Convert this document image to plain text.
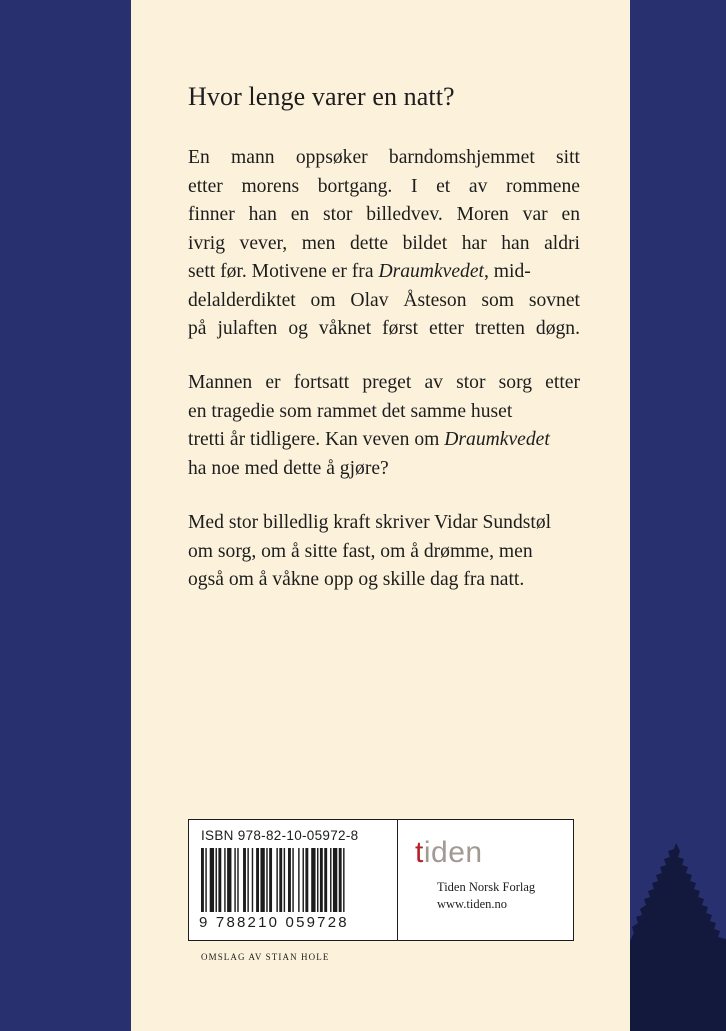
Hvor lenge varer en natt?
En mann oppsøker barndomshjemmet sitt
etter morens bortgang. I et av rommene
finner han en stor billedvev. Moren var en
ivrig vever, men dette bildet har han aldri
sett før. Motivene er fra Draumkvedet, mid-
delalderdiktet om Olav Åsteson som sovnet
på julaften og våknet først etter tretten døgn.
Mannen er fortsatt preget av stor sorg etter
en tragedie som rammet det samme huset
tretti år tidligere. Kan veven om Draumkvedet
ha noe med dette å gjøre?
Med stor billedlig kraft skriver Vidar Sundstøl
om sorg, om å sitte fast, om å drømme, men
også om å våkne opp og skille dag fra natt.
ISBN 978-82-10-05972-8
9 788210 059728
tiden
Tiden Norsk Forlag
www.tiden.no
OMSLAG AV STIAN HOLE
